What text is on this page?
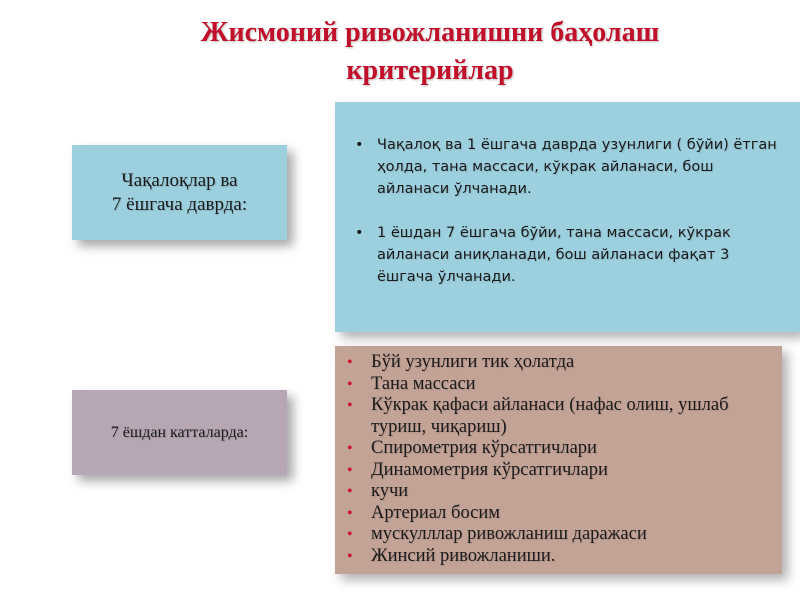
Жисмоний ривожланишни баҳолаш
критерийлар
Чақалоқлар ва
7 ёшгача даврда:
• Чақалоқ ва 1 ёшгача даврда узунлиги ( бўйи) ётган ҳолда, тана массаси, кўкрак айланаси, бош айланаси ўлчанади.
• 1 ёшдан 7 ёшгача бўйи, тана массаси, кўкрак айланаси аниқланади, бош айланаси фақат 3 ёшгача ўлчанади.
7 ёшдан катталарда:
• Бўй узунлиги тик ҳолатда
• Тана массаси
• Кўкрак қафаси айланаси (нафас олиш, ушлаб туриш, чиқариш)
• Спирометрия кўрсатгичлари
• Динамометрия кўрсатгичлари
• кучи
• Артериал босим
• мускулллар ривожланиш даражаси
• Жинсий ривожланиши.
